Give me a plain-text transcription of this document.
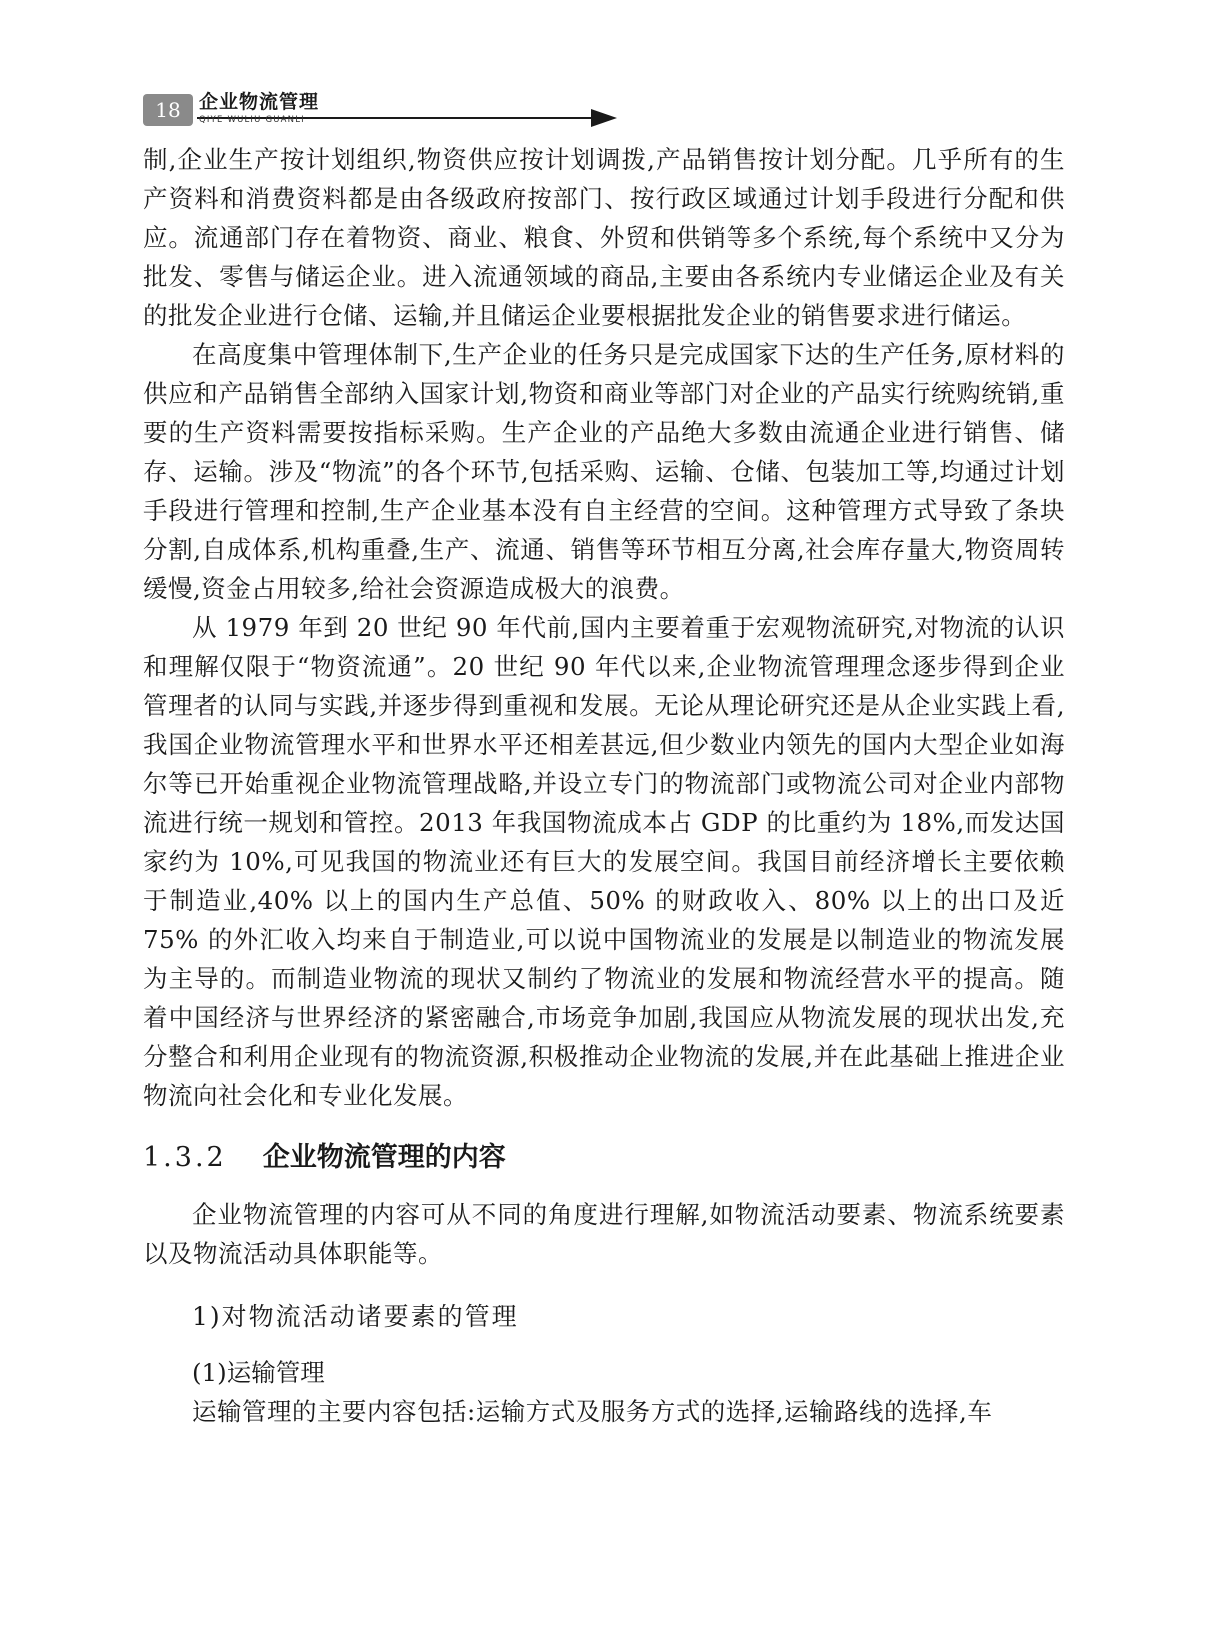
18 企业物流管理
QIYE WULIU GUANLI

制,企业生产按计划组织,物资供应按计划调拨,产品销售按计划分配。几乎所有的生产资料和消费资料都是由各级政府按部门、按行政区域通过计划手段进行分配和供应。流通部门存在着物资、商业、粮食、外贸和供销等多个系统,每个系统中又分为批发、零售与储运企业。进入流通领域的商品,主要由各系统内专业储运企业及有关的批发企业进行仓储、运输,并且储运企业要根据批发企业的销售要求进行储运。

在高度集中管理体制下,生产企业的任务只是完成国家下达的生产任务,原材料的供应和产品销售全部纳入国家计划,物资和商业等部门对企业的产品实行统购统销,重要的生产资料需要按指标采购。生产企业的产品绝大多数由流通企业进行销售、储存、运输。涉及“物流”的各个环节,包括采购、运输、仓储、包装加工等,均通过计划手段进行管理和控制,生产企业基本没有自主经营的空间。这种管理方式导致了条块分割,自成体系,机构重叠,生产、流通、销售等环节相互分离,社会库存量大,物资周转缓慢,资金占用较多,给社会资源造成极大的浪费。

从 1979 年到 20 世纪 90 年代前,国内主要着重于宏观物流研究,对物流的认识和理解仅限于“物资流通”。20 世纪 90 年代以来,企业物流管理理念逐步得到企业管理者的认同与实践,并逐步得到重视和发展。无论从理论研究还是从企业实践上看,我国企业物流管理水平和世界水平还相差甚远,但少数业内领先的国内大型企业如海尔等已开始重视企业物流管理战略,并设立专门的物流部门或物流公司对企业内部物流进行统一规划和管控。2013 年我国物流成本占 GDP 的比重约为 18%,而发达国家约为 10%,可见我国的物流业还有巨大的发展空间。我国目前经济增长主要依赖于制造业,40% 以上的国内生产总值、50% 的财政收入、80% 以上的出口及近 75% 的外汇收入均来自于制造业,可以说中国物流业的发展是以制造业的物流发展为主导的。而制造业物流的现状又制约了物流业的发展和物流经营水平的提高。随着中国经济与世界经济的紧密融合,市场竞争加剧,我国应从物流发展的现状出发,充分整合和利用企业现有的物流资源,积极推动企业物流的发展,并在此基础上推进企业物流向社会化和专业化发展。

1.3.2 企业物流管理的内容

企业物流管理的内容可从不同的角度进行理解,如物流活动要素、物流系统要素以及物流活动具体职能等。

1)对物流活动诸要素的管理

(1)运输管理

运输管理的主要内容包括:运输方式及服务方式的选择,运输路线的选择,车
